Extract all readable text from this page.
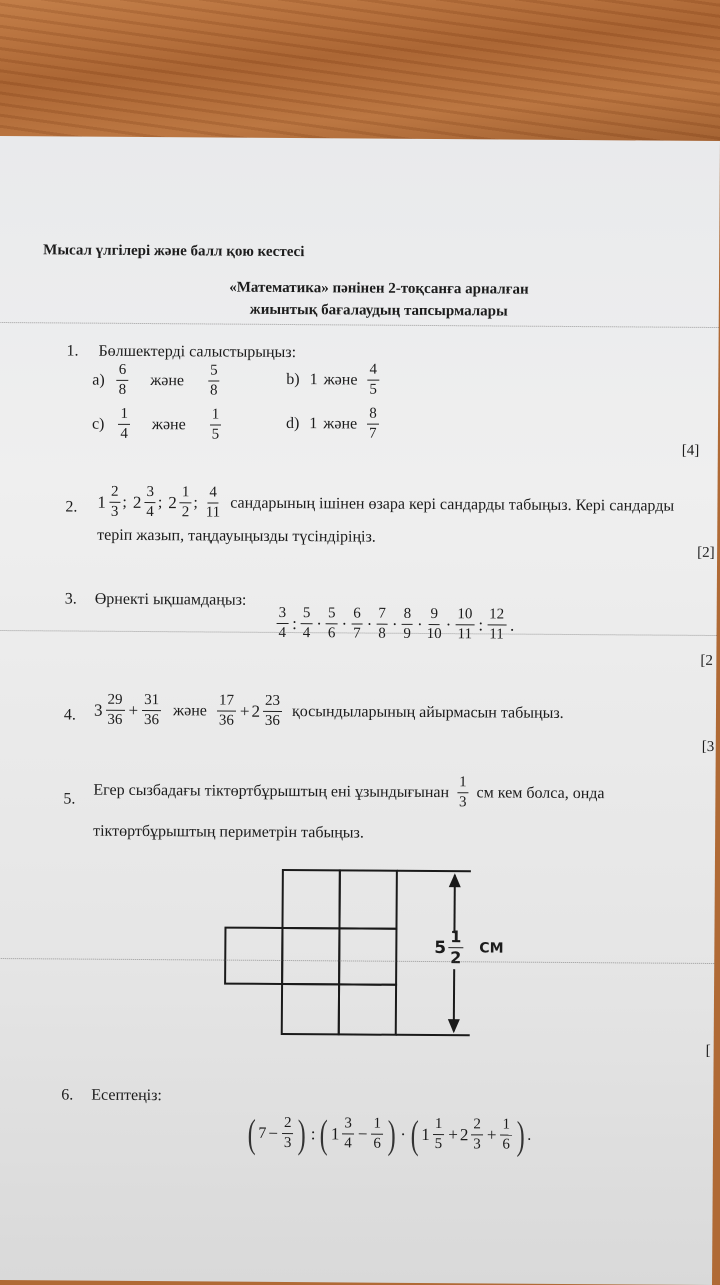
Мысал үлгілері және балл қою кестесі
«Математика» пәнінен 2-тоқсанға арналған
жиынтық бағалаудың тапсырмалары
1. Бөлшектерді салыстырыңыз:
$a) \frac{6}{8}$ және $\frac{5}{8}$	b) 1 және $\frac{4}{5}$
$c) \frac{1}{4}$ және $\frac{1}{5}$	d) 1 және $\frac{8}{7}$
[4]
2. $1 \frac{2}{3}$ ; $2 \frac{3}{4}$ ; $2 \frac{1}{2}$ ; $\frac{4}{11}$ сандарының ішінен өзара кері сандарды табыңыз. Кері сандарды
теріп жазып, таңдауыңызды түсіндіріңіз.
[2]
3. Өрнекті ықшамдаңыз:
$\frac{3}{4}$ : $\frac{5}{4} \cdot \frac{5}{6} \cdot \frac{6}{7} \cdot \frac{7}{8} \cdot \frac{8}{9} \cdot \frac{9}{10} \cdot \frac{10}{11}$ : $\frac{12}{11}$ .
[2
4. $3 \frac{29}{36} + \frac{31}{36}$ және $\frac{17}{36} + 2 \frac{23}{36}$ қосындыларының айырмасын табыңыз.
[3
5. Егер сызбадағы тіктөртбұрыштың ені ұзындығынан $\frac{1}{3}$ см кем болса, онда
тіктөртбұрыштың периметрін табыңыз.
$5 \frac{1}{2}$ СМ
[
6. Есептеңіз:
( $7 - \frac{2}{3}$ ) : ( $1 \frac{3}{4} - \frac{1}{6}$ ) · ( $1 \frac{1}{5} + 2 \frac{2}{3} + \frac{1}{6}$ ) .
